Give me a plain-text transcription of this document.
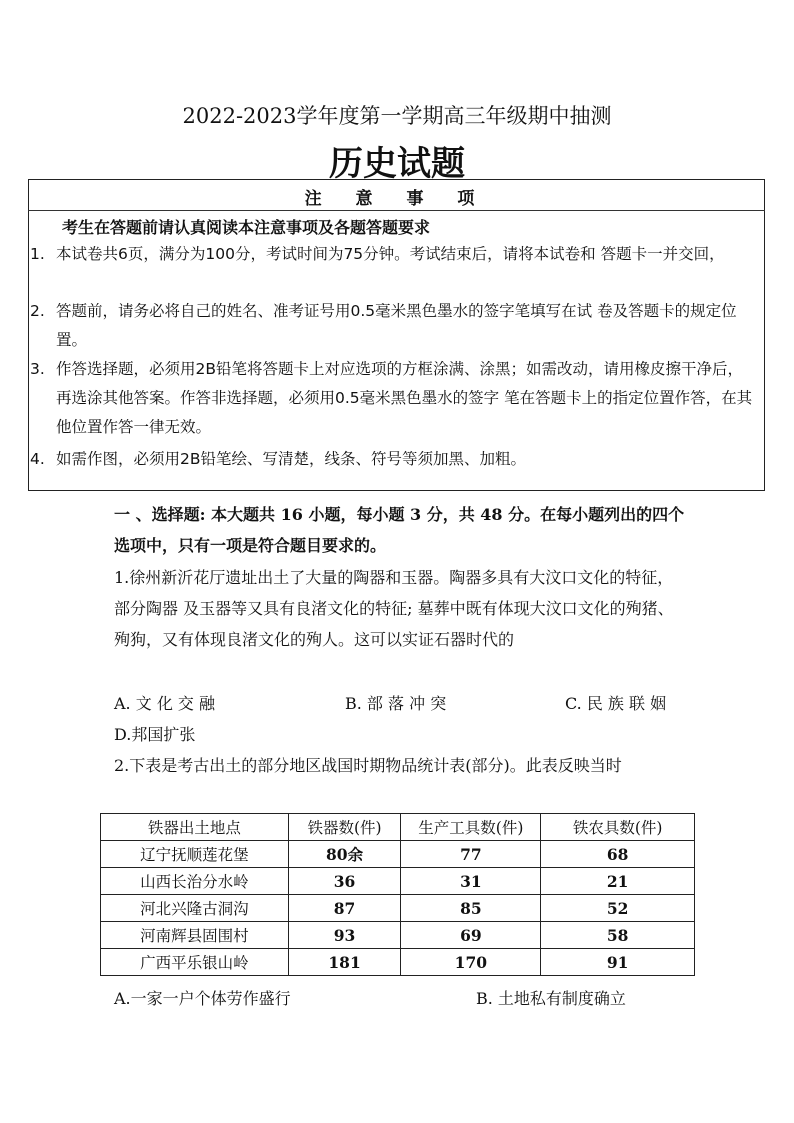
2022-2023学年度第一学期高三年级期中抽测
历史试题
注 意 事 项
考生在答题前请认真阅读本注意事项及各题答题要求
1. 本试卷共6页，满分为100分，考试时间为75分钟。考试结束后，请将本试卷和 答题卡一并交回，
2. 答题前，请务必将自己的姓名、准考证号用0.5毫米黑色墨水的签字笔填写在试 卷及答题卡的规定位置。
3. 作答选择题，必须用2B铅笔将答题卡上对应选项的方框涂满、涂黑；如需改动，请用橡皮擦干净后，再选涂其他答案。作答非选择题，必须用0.5毫米黑色墨水的签字 笔在答题卡上的指定位置作答，在其他位置作答一律无效。
4. 如需作图，必须用2B铅笔绘、写清楚，线条、符号等须加黑、加粗。
一 、选择题: 本大题共 16 小题，每小题 3 分，共 48 分。在每小题列出的四个选项中，只有一项是符合题目要求的。
1.徐州新沂花厅遗址出土了大量的陶器和玉器。陶器多具有大汶口文化的特征，部分陶器 及玉器等又具有良渚文化的特征; 墓葬中既有体现大汶口文化的殉猪、殉狗，又有体现良渚文化的殉人。这可以实证石器时代的
A. 文 化 交 融	B. 部 落 冲 突	C. 民 族 联 姻
D.邦国扩张
2.下表是考古出土的部分地区战国时期物品统计表(部分)。此表反映当时
铁器出土地点	铁器数(件)	生产工具数(件)	铁农具数(件)
辽宁抚顺莲花堡	80余	77	68
山西长治分水岭	36	31	21
河北兴隆古洞沟	87	85	52
河南辉县固围村	93	69	58
广西平乐银山岭	181	170	91
A.一家一户个体劳作盛行	B. 土地私有制度确立
